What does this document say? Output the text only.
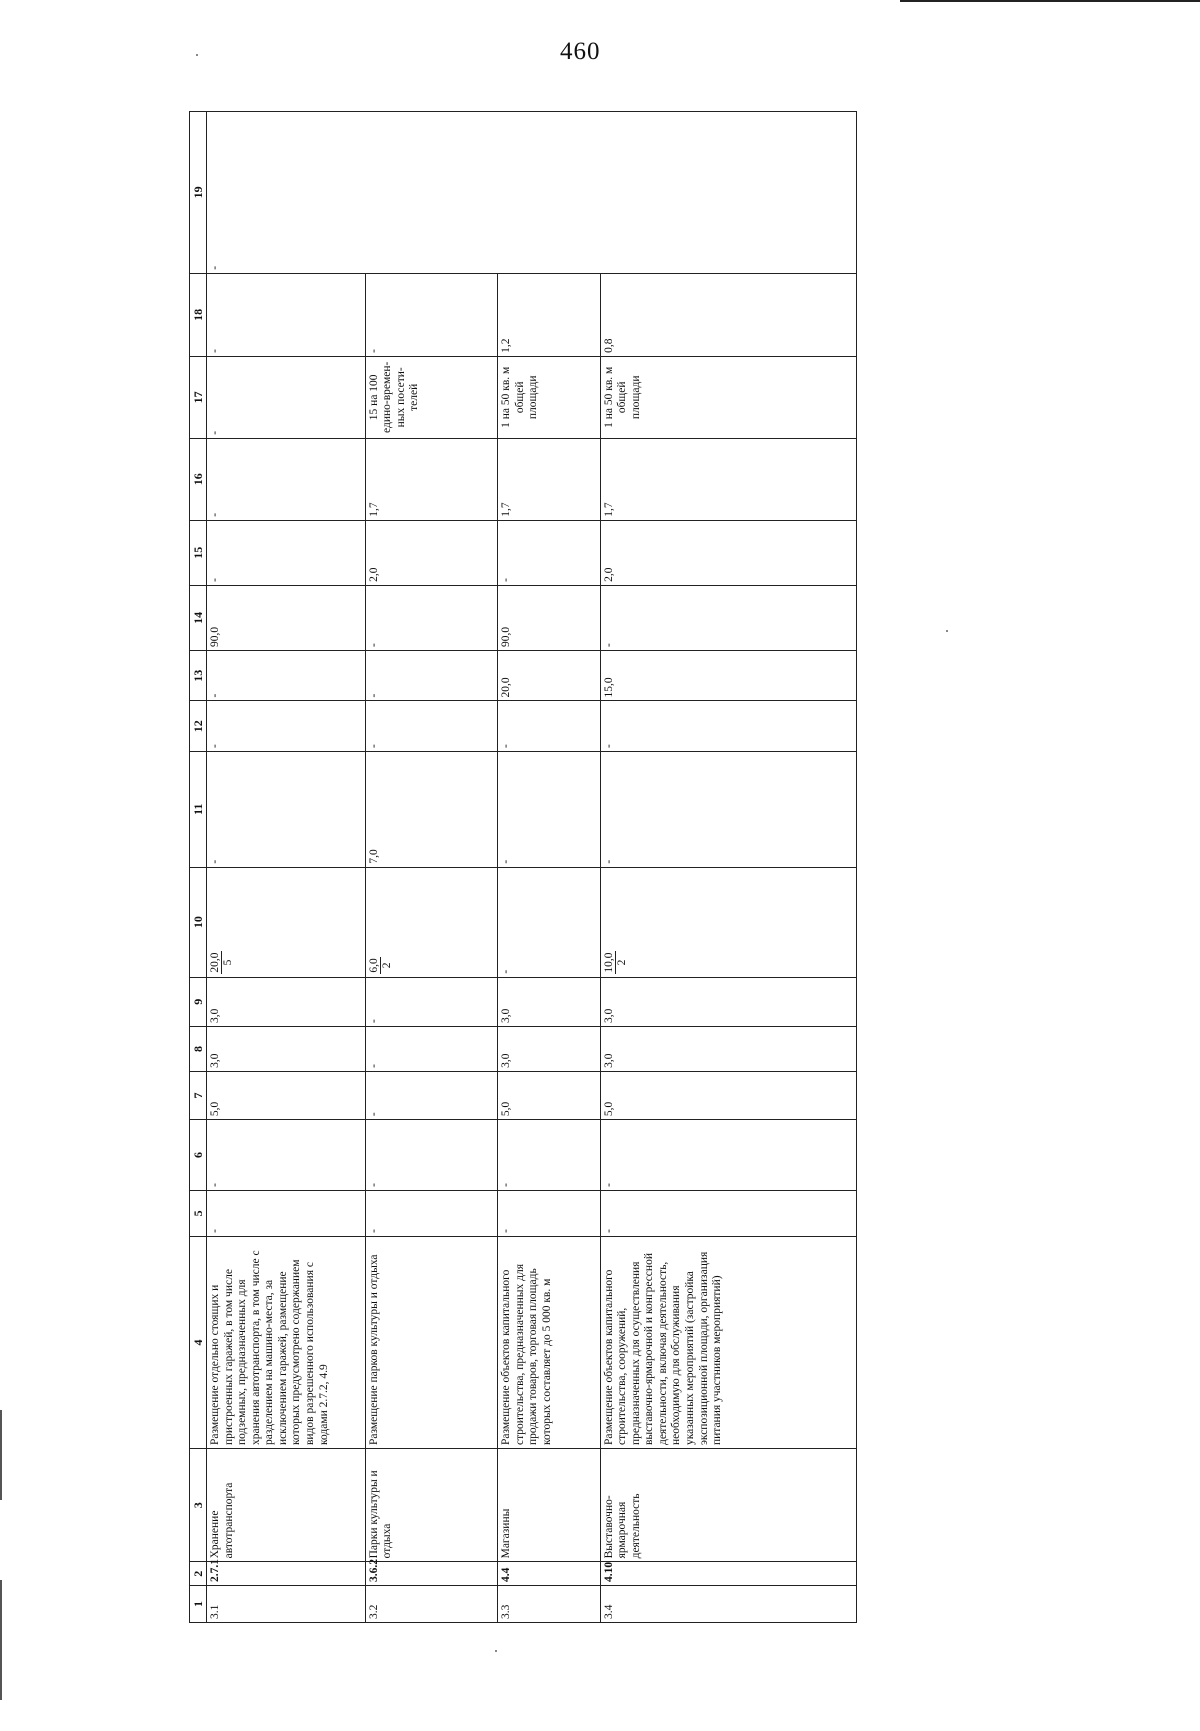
460
1	2	3	4	5	6	7	8	9	10	11	12	13	14	15	16	17	18	19
3.1	2.7.1	Хранение автотранспорта	Размещение отдельно стоящих и пристроенных гаражей, в том числе подземных, предназначенных для хранения автотранспорта, в том числе с разделением на машино-места, за исключением гаражей, размещение которых предусмотрено содержанием видов разрешенного использования с кодами 2.7.2, 4.9	-	-	5,0	3,0	3,0	20,0 5	-	-	-	90,0	-	-	-	-	-
3.2	3.6.2	Парки культуры и отдыха	Размещение парков культуры и отдыха	-	-	-	-	-	6,0 2	7,0	-	-	-	2,0	1,7	15 на 100 едино-времен-ных посети-телей	-	
3.3	4.4	Магазины	Размещение объектов капитального строительства, предназначенных для продажи товаров, торговая площадь которых составляет до 5 000 кв. м	-	-	5,0	3,0	3,0	-	-	-	20,0	90,0	-	1,7	1 на 50 кв. м общей площади	1,2	
3.4	4.10	Выставочно-ярмарочная деятельность	Размещение объектов капитального строительства, сооружений, предназначенных для осуществления выставочно-ярмарочной и конгрессной деятельности, включая деятельность, необходимую для обслуживания указанных мероприятий (застройка экспозиционной площади, организация питания участников мероприятий)	-	-	5,0	3,0	3,0	10,0 2	-	-	15,0	-	2,0	1,7	1 на 50 кв. м общей площади	0,8	
